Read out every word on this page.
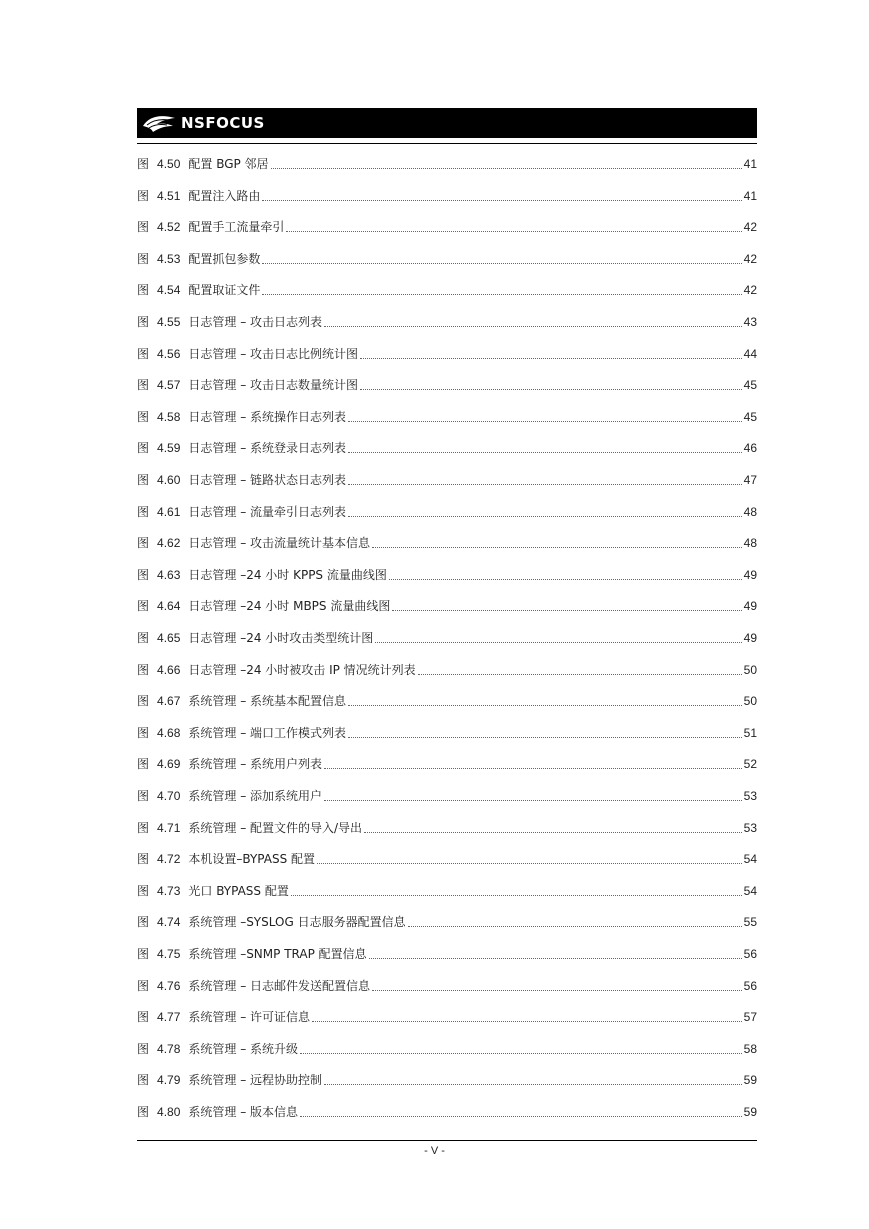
NSFOCUS
图 4.50 配置 BGP 邻居	41
图 4.51 配置注入路由	41
图 4.52 配置手工流量牵引	42
图 4.53 配置抓包参数	42
图 4.54 配置取证文件	42
图 4.55 日志管理 – 攻击日志列表	43
图 4.56 日志管理 – 攻击日志比例统计图	44
图 4.57 日志管理 – 攻击日志数量统计图	45
图 4.58 日志管理 – 系统操作日志列表	45
图 4.59 日志管理 – 系统登录日志列表	46
图 4.60 日志管理 – 链路状态日志列表	47
图 4.61 日志管理 – 流量牵引日志列表	48
图 4.62 日志管理 – 攻击流量统计基本信息	48
图 4.63 日志管理 –24 小时 KPPS 流量曲线图	49
图 4.64 日志管理 –24 小时 MBPS 流量曲线图	49
图 4.65 日志管理 –24 小时攻击类型统计图	49
图 4.66 日志管理 –24 小时被攻击 IP 情况统计列表	50
图 4.67 系统管理 – 系统基本配置信息	50
图 4.68 系统管理 – 端口工作模式列表	51
图 4.69 系统管理 – 系统用户列表	52
图 4.70 系统管理 – 添加系统用户	53
图 4.71 系统管理 – 配置文件的导入/导出	53
图 4.72 本机设置–BYPASS 配置	54
图 4.73 光口 BYPASS 配置	54
图 4.74 系统管理 –SYSLOG 日志服务器配置信息	55
图 4.75 系统管理 –SNMP TRAP 配置信息	56
图 4.76 系统管理 – 日志邮件发送配置信息	56
图 4.77 系统管理 – 许可证信息	57
图 4.78 系统管理 – 系统升级	58
图 4.79 系统管理 – 远程协助控制	59
图 4.80 系统管理 – 版本信息	59
- V -
